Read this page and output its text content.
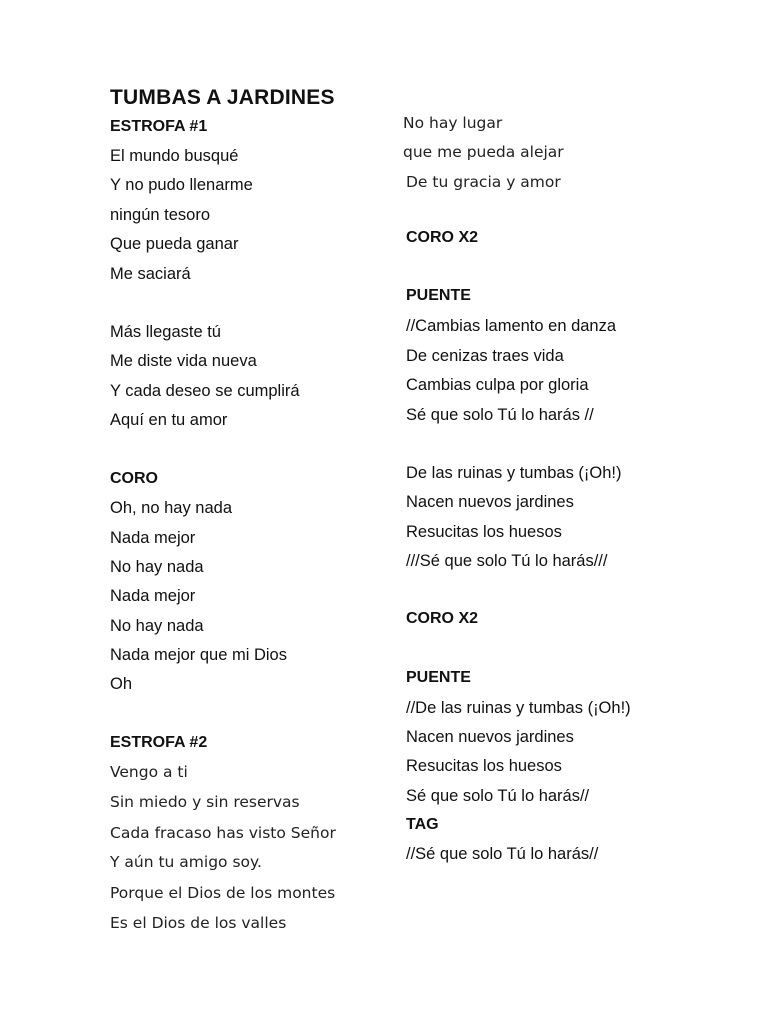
TUMBAS A JARDINES
ESTROFA #1
El mundo busqué
Y no pudo llenarme
ningún tesoro
Que pueda ganar
Me saciará
Más llegaste tú
Me diste vida nueva
Y cada deseo se cumplirá
Aquí en tu amor
CORO
Oh, no hay nada
Nada mejor
No hay nada
Nada mejor
No hay nada
Nada mejor que mi Dios
Oh
ESTROFA #2
Vengo a ti
Sin miedo y sin reservas
Cada fracaso has visto Señor
Y aún tu amigo soy.
Porque el Dios de los montes
Es el Dios de los valles
No hay lugar
que me pueda alejar
De tu gracia y amor
CORO X2
PUENTE
//Cambias lamento en danza
De cenizas traes vida
Cambias culpa por gloria
Sé que solo Tú lo harás //
De las ruinas y tumbas (¡Oh!)
Nacen nuevos jardines
Resucitas los huesos
///Sé que solo Tú lo harás///
CORO X2
PUENTE
//De las ruinas y tumbas (¡Oh!)
Nacen nuevos jardines
Resucitas los huesos
Sé que solo Tú lo harás//
TAG
//Sé que solo Tú lo harás//
